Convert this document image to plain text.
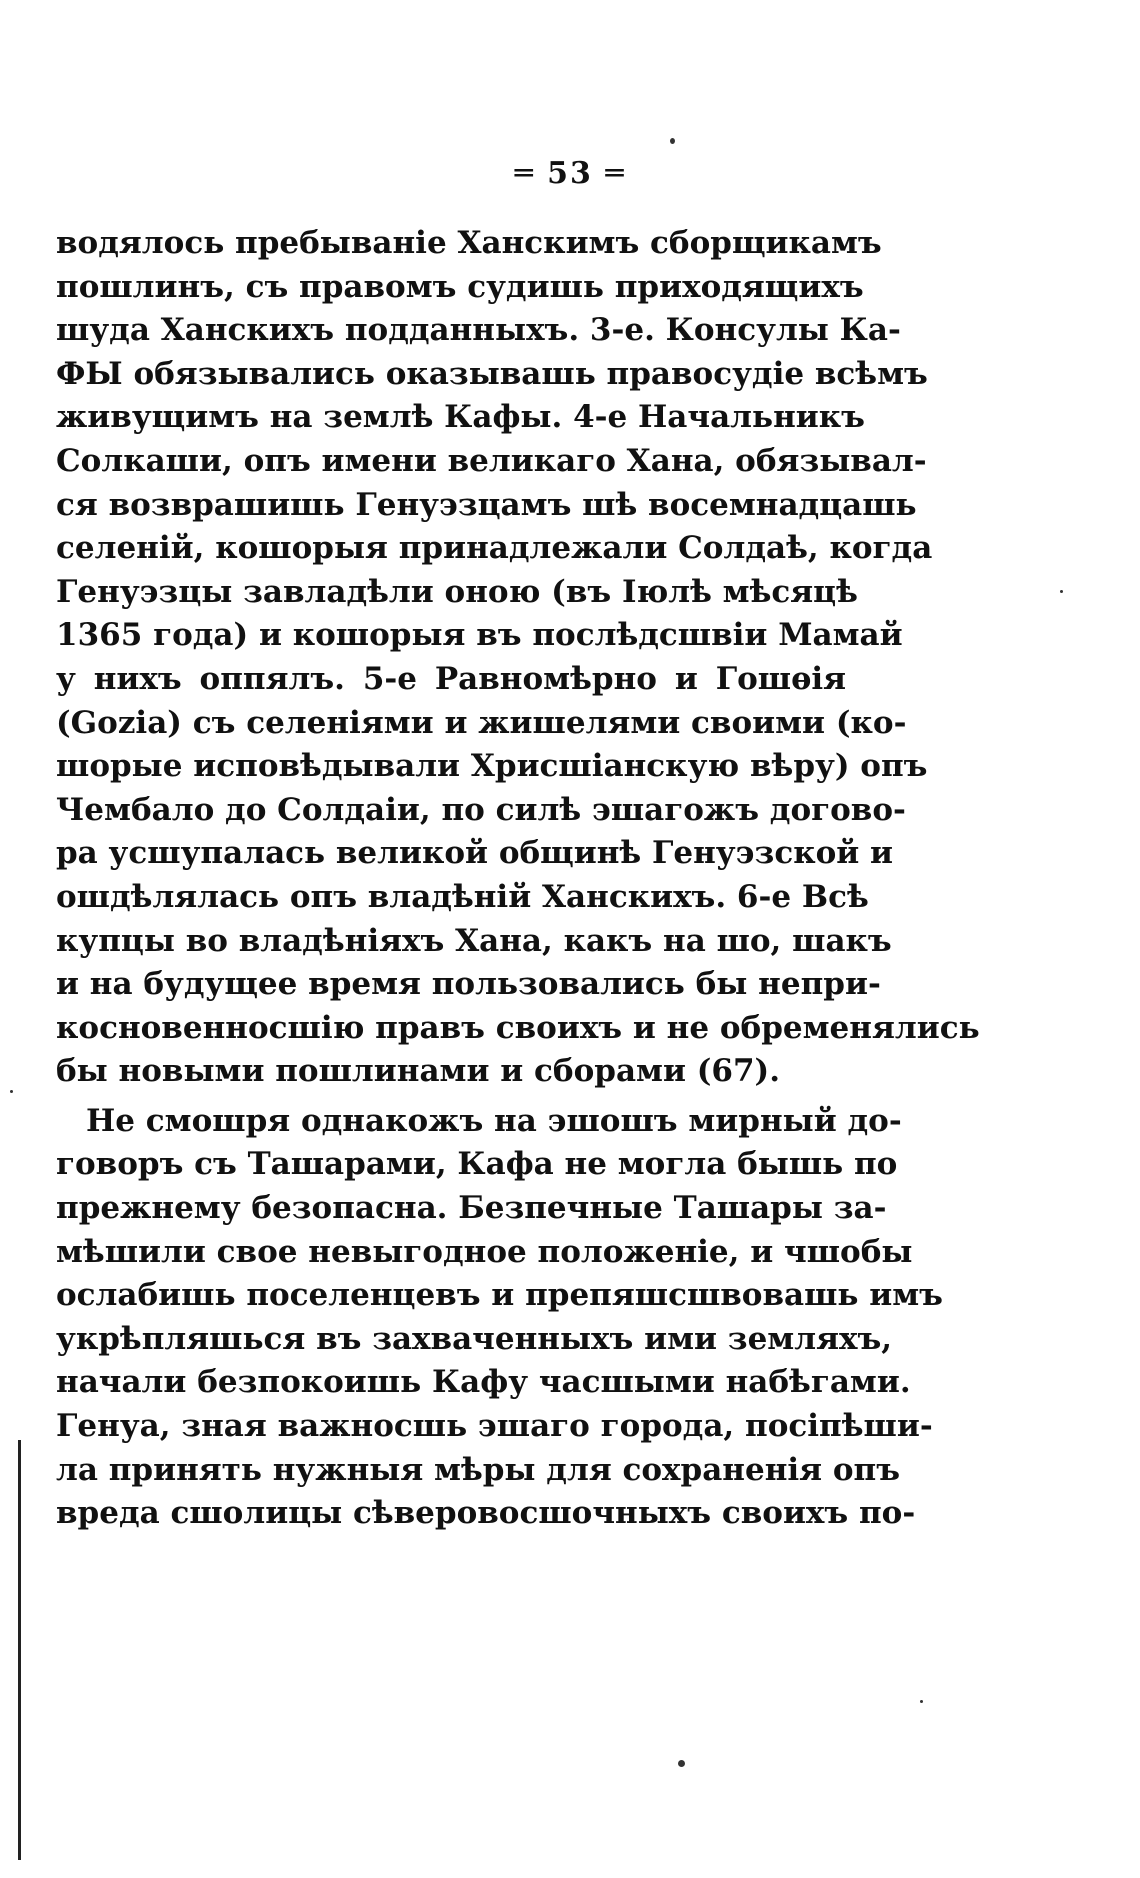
═ 53 ═
водялось пребываніе Ханскимъ сборщикамъ
пошлинъ, съ правомъ судишь приходящихъ
шуда Ханскихъ подданныхъ. 3-е. Консулы Ка-
ФЫ обязывались оказывашь правосудіе всѣмъ
живущимъ на землѣ Кафы. 4-е Начальникъ
Солкаши, опъ имени великаго Хана, обязывал-
ся возврашишь Генуэзцамъ шѣ восемнадцашь
селеній, кошорыя принадлежали Солдаѣ, когда
Генуэзцы завладѣли оною (въ Іюлѣ мѣсяцѣ
1365 года) и кошорыя въ послѣдсшвіи Мамай
у нихъ оппялъ. 5-е Равномѣрно и Гошѳія
(Gozia) съ селеніями и жишелями своими (ко-
шорые исповѣдывали Хрисшіанскую вѣру) опъ
Чембало до Солдаіи, по силѣ эшагожъ догово-
ра усшупалась великой общинѣ Генуэзской и
ошдѣлялась опъ владѣній Ханскихъ. 6-е Всѣ
купцы во владѣніяхъ Хана, какъ на шо, шакъ
и на будущее время пользовались бы непри-
косновенносшію правъ своихъ и не обременялись
бы новыми пошлинами и сборами (67).
Не смошря однакожъ на эшошъ мирный до-
говоръ съ Ташарами, Кафа не могла бышь по
прежнему безопасна. Безпечные Ташары за-
мѣшили свое невыгодное положеніе, и чшобы
ослабишь поселенцевъ и препяшсшвовашь имъ
укрѣпляшься въ захваченныхъ ими земляхъ,
начали безпокоишь Кафу часшыми набѣгами.
Генуа, зная важносшь эшаго города, посіпѣши-
ла принять нужныя мѣры для сохраненія опъ
вреда сшолицы сѣверовосшочныхъ своихъ по-
